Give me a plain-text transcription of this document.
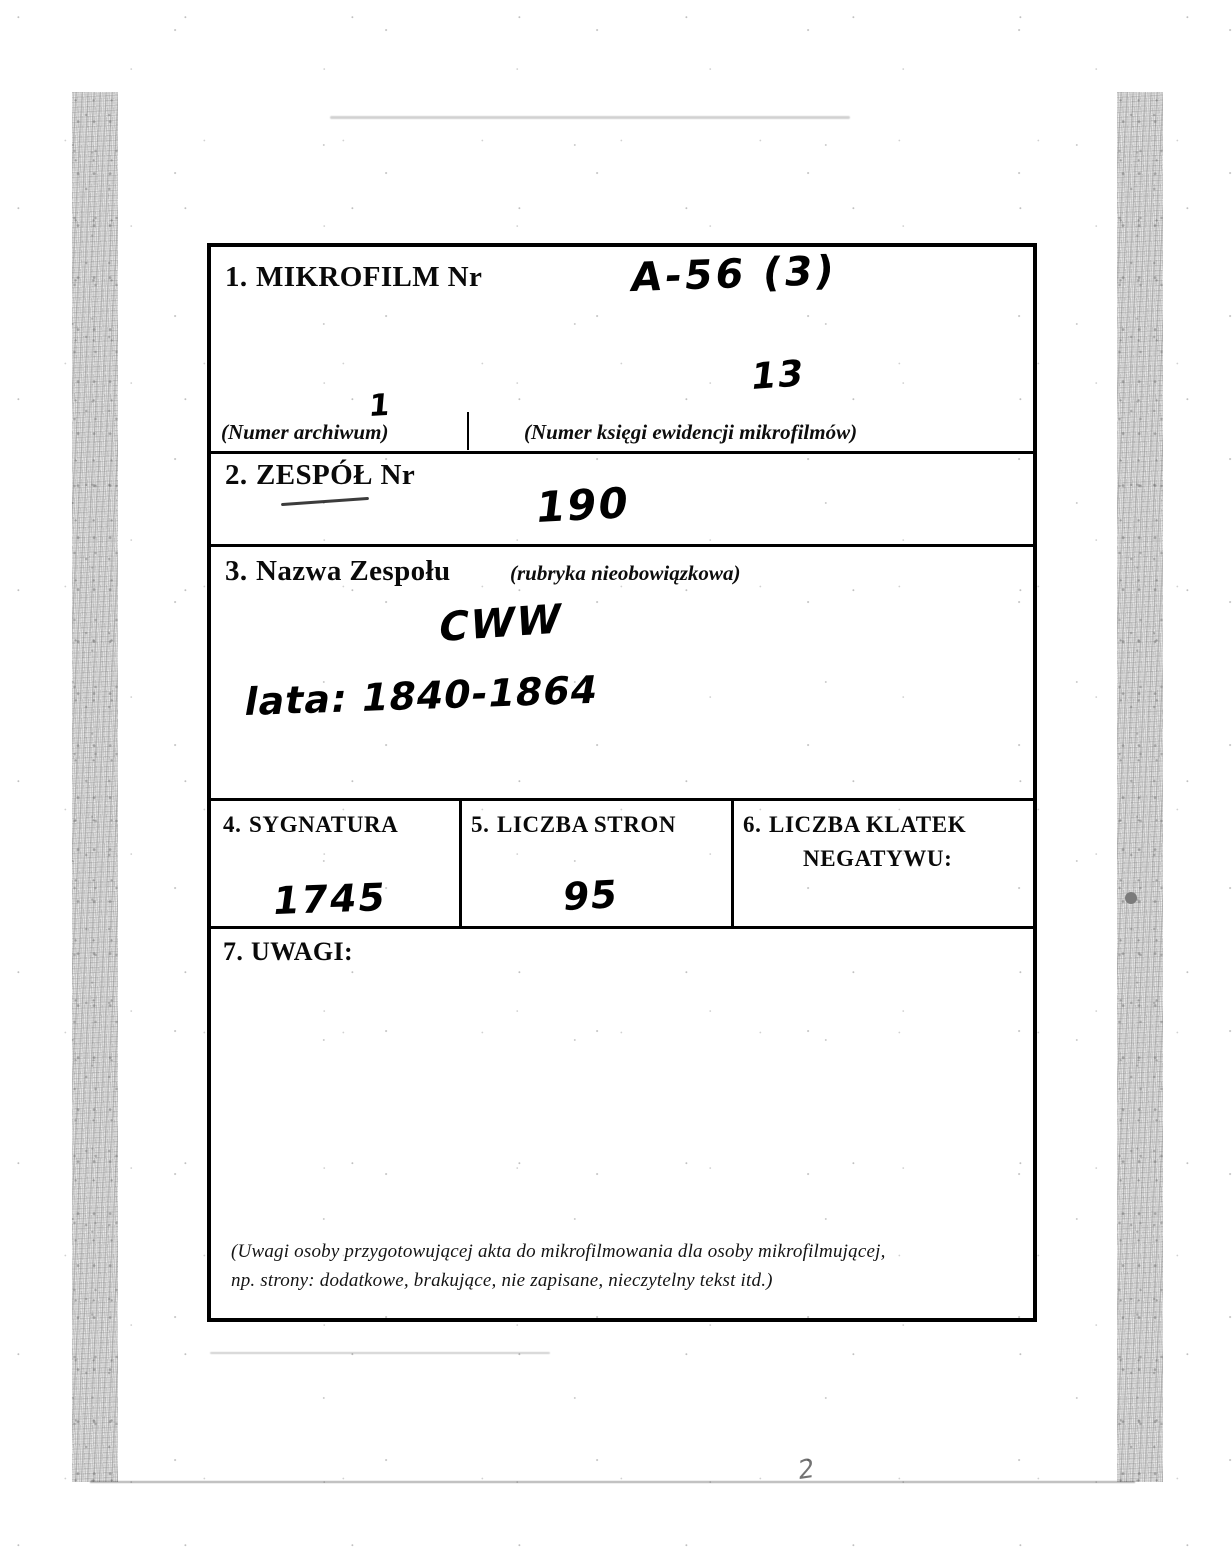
2
1. MIKROFILM Nr	A-56 (3)
1
(Numer archiwum)
13
(Numer księgi ewidencji mikrofilmów)
2. ZESPÓŁ Nr
190
3. Nazwa Zespołu	(rubryka nieobowiązkowa)
CWW
lata: 1840-1864
4. SYGNATURA
1745
5. LICZBA STRON
95
6. LICZBA KLATEK
NEGATYWU:
7. UWAGI:
(Uwagi osoby przygotowującej akta do mikrofilmowania dla osoby mikrofilmującej,
np. strony: dodatkowe, brakujące, nie zapisane, nieczytelny tekst itd.)
